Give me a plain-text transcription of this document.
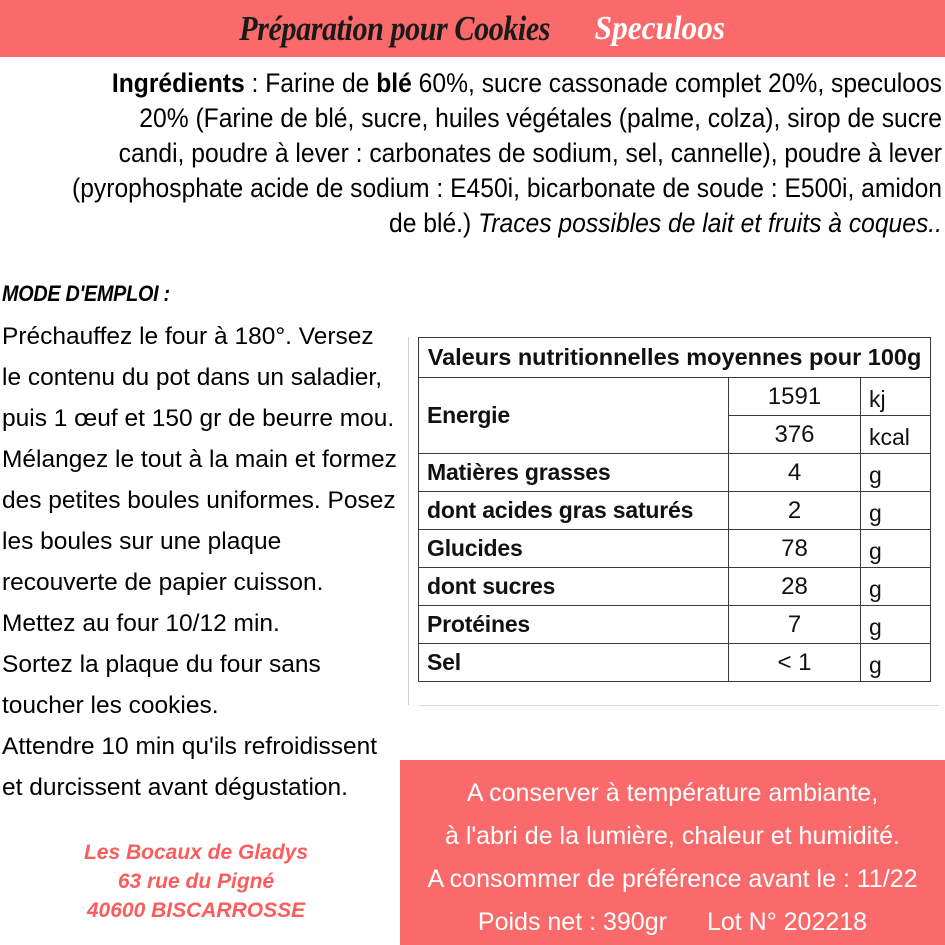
Préparation pour Cookies Speculoos
Ingrédients : Farine de blé 60%, sucre cassonade complet 20%, speculoos 20% (Farine de blé, sucre, huiles végétales (palme, colza), sirop de sucre candi, poudre à lever : carbonates de sodium, sel, cannelle), poudre à lever (pyrophosphate acide de sodium : E450i, bicarbonate de soude : E500i, amidon de blé.) Traces possibles de lait et fruits à coques..
MODE D'EMPLOI :

Préchauffez le four à 180°. Versez

le contenu du pot dans un saladier,

puis 1 œuf et 150 gr de beurre mou.

Mélangez le tout à la main et formez

des petites boules uniformes. Posez

les boules sur une plaque

recouverte de papier cuisson.

Mettez au four 10/12 min.

Sortez la plaque du four sans

toucher les cookies.

Attendre 10 min qu'ils refroidissent

et durcissent avant dégustation.

Valeurs nutritionnelles moyennes pour 100g		
Energie	1591	kj
	376	kcal
Matières grasses	4	g
dont acides gras saturés	2	g
Glucides	78	g
dont sucres	28	g
Protéines	7	g
Sel	< 1	g
Les Bocaux de Gladys
63 rue du Pigné
40600 BISCARROSSE
A conserver à température ambiante,
à l'abri de la lumière, chaleur et humidité.
A consommer de préférence avant le : 11/22
Poids net : 390gr Lot N° 202218
